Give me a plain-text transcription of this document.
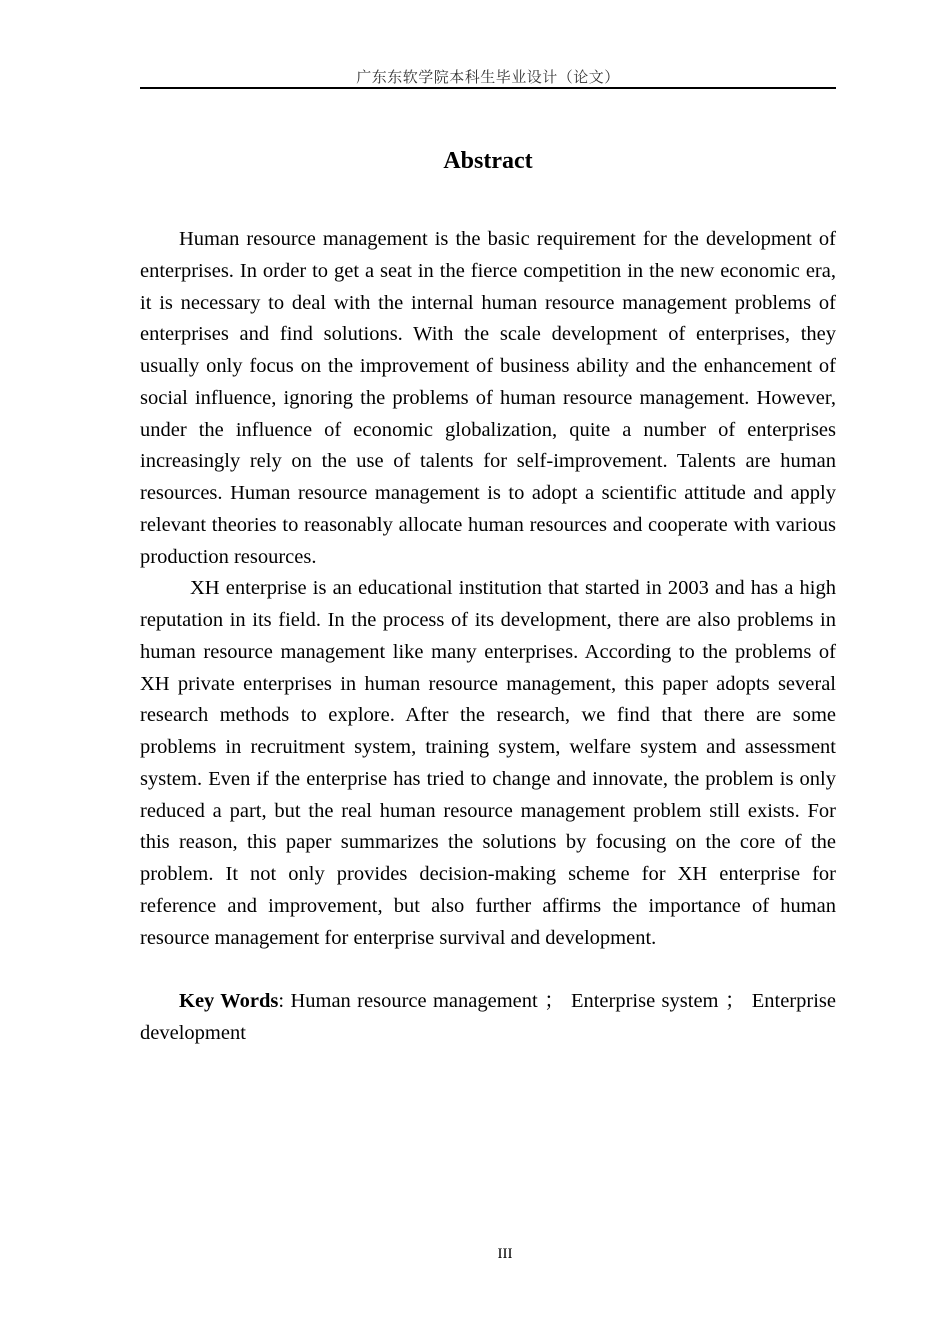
广东东软学院本科生毕业设计（论文）
Abstract

Human resource management is the basic requirement for the development of enterprises. In order to get a seat in the fierce competition in the new economic era, it is necessary to deal with the internal human resource management problems of enterprises and find solutions. With the scale development of enterprises, they usually only focus on the improvement of business ability and the enhancement of social influence, ignoring the problems of human resource management. However, under the influence of economic globalization, quite a number of enterprises increasingly rely on the use of talents for self-improvement. Talents are human resources. Human resource management is to adopt a scientific attitude and apply relevant theories to reasonably allocate human resources and cooperate with various production resources.

XH enterprise is an educational institution that started in 2003 and has a high reputation in its field. In the process of its development, there are also problems in human resource management like many enterprises. According to the problems of XH private enterprises in human resource management, this paper adopts several research methods to explore. After the research, we find that there are some problems in recruitment system, training system, welfare system and assessment system. Even if the enterprise has tried to change and innovate, the problem is only reduced a part, but the real human resource management problem still exists. For this reason, this paper summarizes the solutions by focusing on the core of the problem. It not only provides decision-making scheme for XH enterprise for reference and improvement, but also further affirms the importance of human resource management for enterprise survival and development.

Key Words: Human resource management ； Enterprise system ； Enterprise development

III
